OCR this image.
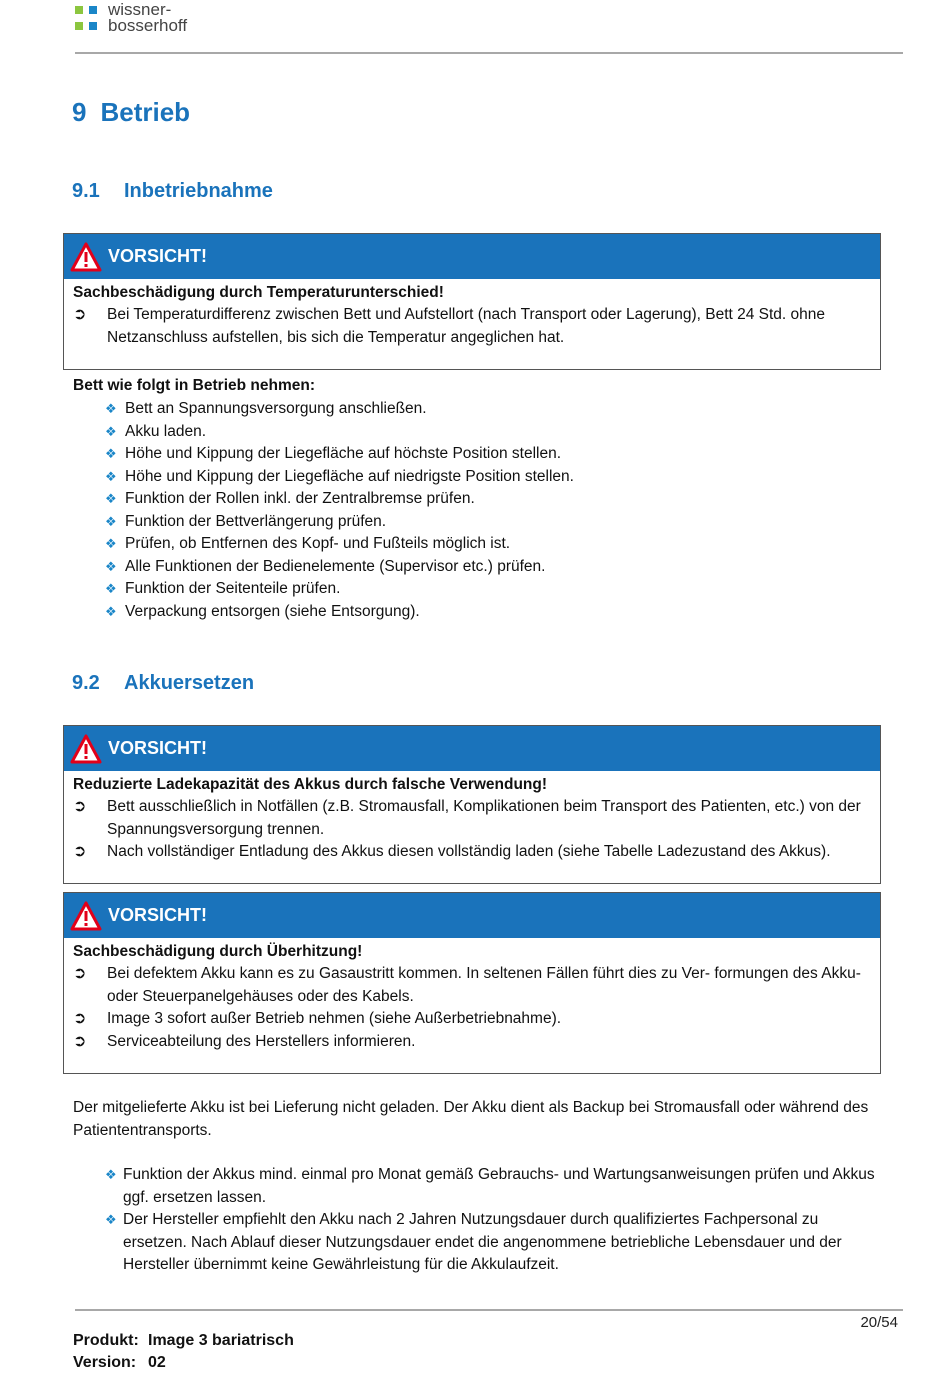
wissner-
bosserhoff
9 Betrieb
9.1 Inbetriebnahme
VORSICHT!
Sachbeschädigung durch Temperaturunterschied!
➲	Bei Temperaturdifferenz zwischen Bett und Aufstellort (nach Transport oder Lagerung), Bett 24 Std. ohne Netzanschluss aufstellen, bis sich die Temperatur angeglichen hat.
Bett wie folgt in Betrieb nehmen:
❖ Bett an Spannungsversorgung anschließen.
❖ Akku laden.
❖ Höhe und Kippung der Liegefläche auf höchste Position stellen.
❖ Höhe und Kippung der Liegefläche auf niedrigste Position stellen.
❖ Funktion der Rollen inkl. der Zentralbremse prüfen.
❖ Funktion der Bettverlängerung prüfen.
❖ Prüfen, ob Entfernen des Kopf- und Fußteils möglich ist.
❖ Alle Funktionen der Bedienelemente (Supervisor etc.) prüfen.
❖ Funktion der Seitenteile prüfen.
❖ Verpackung entsorgen (siehe Entsorgung).
9.2 Akkuersetzen
VORSICHT!
Reduzierte Ladekapazität des Akkus durch falsche Verwendung!
➲	Bett ausschließlich in Notfällen (z.B. Stromausfall, Komplikationen beim Transport des Patienten, etc.) von der Spannungsversorgung trennen.
➲	Nach vollständiger Entladung des Akkus diesen vollständig laden (siehe Tabelle Ladezustand des Akkus).
VORSICHT!
Sachbeschädigung durch Überhitzung!
➲	Bei defektem Akku kann es zu Gasaustritt kommen. In seltenen Fällen führt dies zu Ver- formungen des Akku- oder Steuerpanelgehäuses oder des Kabels.
➲	Image 3 sofort außer Betrieb nehmen (siehe Außerbetriebnahme).
➲	Serviceabteilung des Herstellers informieren.
Der mitgelieferte Akku ist bei Lieferung nicht geladen. Der Akku dient als Backup bei Stromausfall oder während des Patiententransports.
❖ Funktion der Akkus mind. einmal pro Monat gemäß Gebrauchs- und Wartungsanweisungen prüfen und Akkus ggf. ersetzen lassen.
❖ Der Hersteller empfiehlt den Akku nach 2 Jahren Nutzungsdauer durch qualifiziertes Fachpersonal zu ersetzen. Nach Ablauf dieser Nutzungsdauer endet die angenommene betriebliche Lebensdauer und der Hersteller übernimmt keine Gewährleistung für die Akkulaufzeit.
20/54
Produkt: Image 3 bariatrisch
Version: 02
